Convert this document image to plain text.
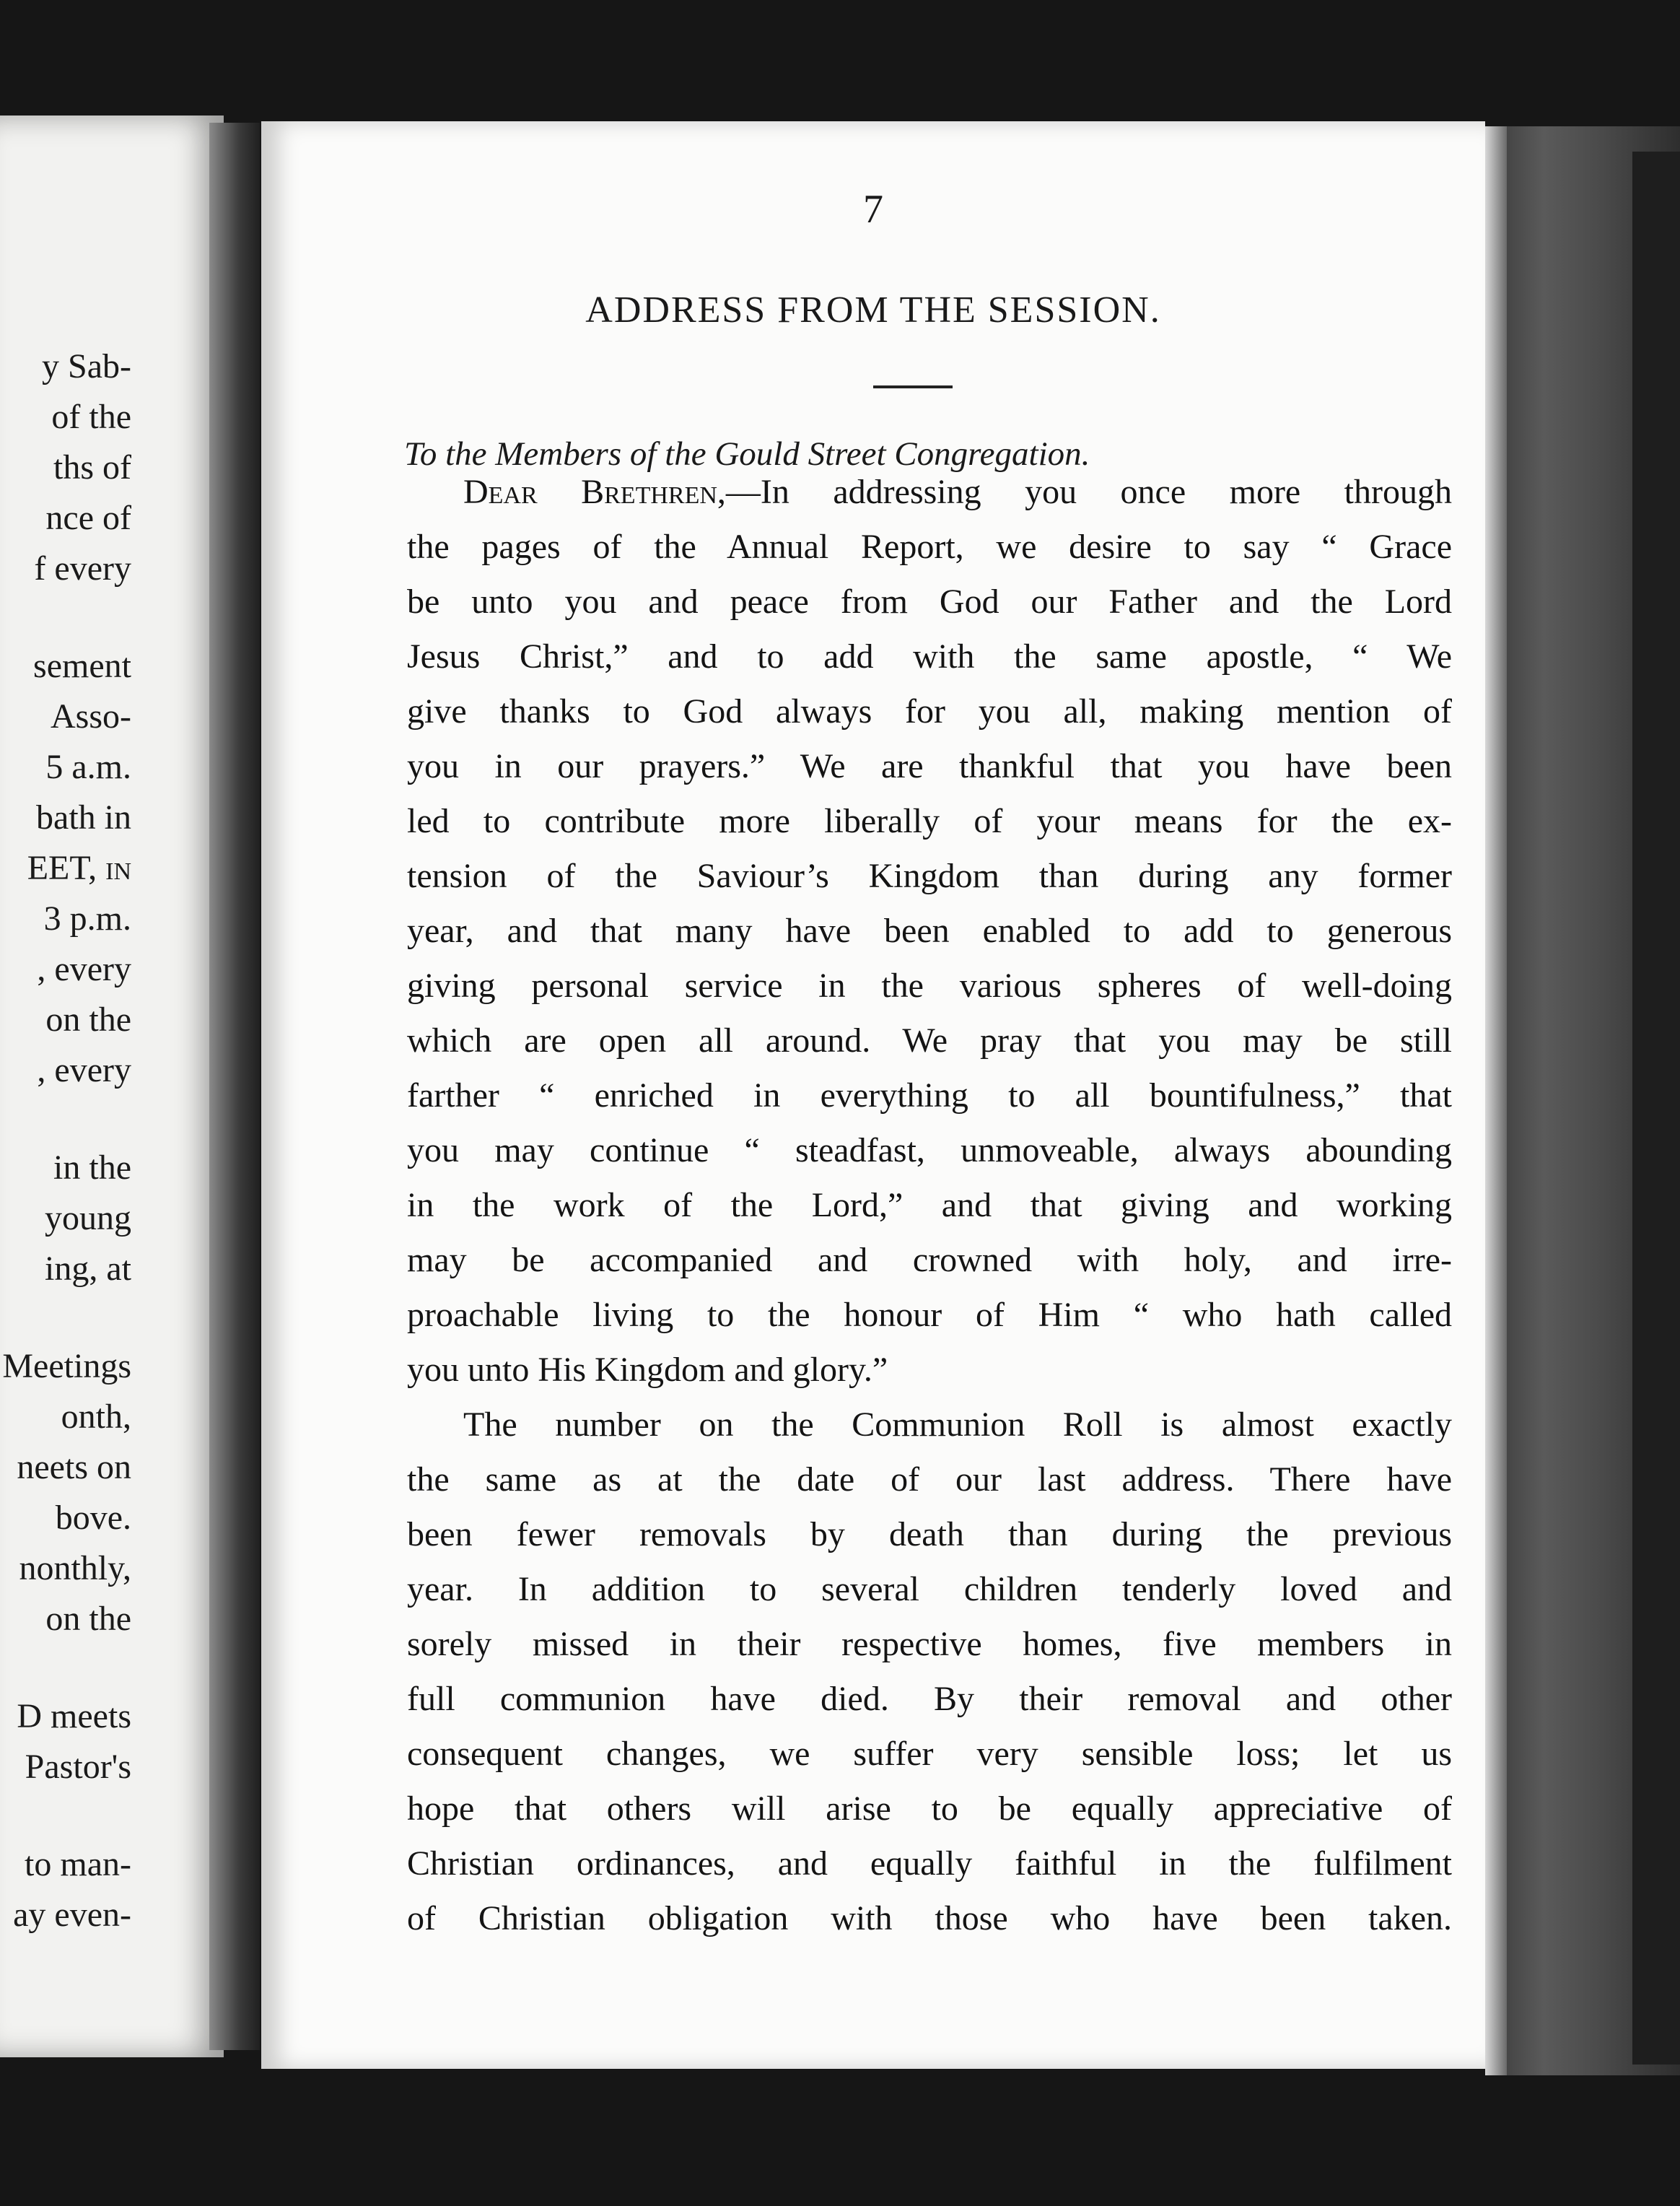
y Sab-
of the
ths of
nce of
f every
sement
Asso-
5 a.m.
bath in
EET, in
3 p.m.
, every
on the
, every
in the
young
ing, at
Meetings
onth,
neets on
bove.
nonthly,
on the
D meets
Pastor's
to man-
ay even-
7
ADDRESS FROM THE SESSION.
To the Members of the Gould Street Congregation.
Dear Brethren,—In addressing you once more through
the pages of the Annual Report, we desire to say “ Grace
be unto you and peace from God our Father and the Lord
Jesus Christ,” and to add with the same apostle, “ We
give thanks to God always for you all, making mention of
you in our prayers.” We are thankful that you have been
led to contribute more liberally of your means for the ex-
tension of the Saviour’s Kingdom than during any former
year, and that many have been enabled to add to generous
giving personal service in the various spheres of well-doing
which are open all around. We pray that you may be still
farther “ enriched in everything to all bountifulness,” that
you may continue “ steadfast, unmoveable, always abounding
in the work of the Lord,” and that giving and working
may be accompanied and crowned with holy, and irre-
proachable living to the honour of Him “ who hath called
you unto His Kingdom and glory.”
The number on the Communion Roll is almost exactly
the same as at the date of our last address. There have
been fewer removals by death than during the previous
year. In addition to several children tenderly loved and
sorely missed in their respective homes, five members in
full communion have died. By their removal and other
consequent changes, we suffer very sensible loss; let us
hope that others will arise to be equally appreciative of
Christian ordinances, and equally faithful in the fulfilment
of Christian obligation with those who have been taken.
